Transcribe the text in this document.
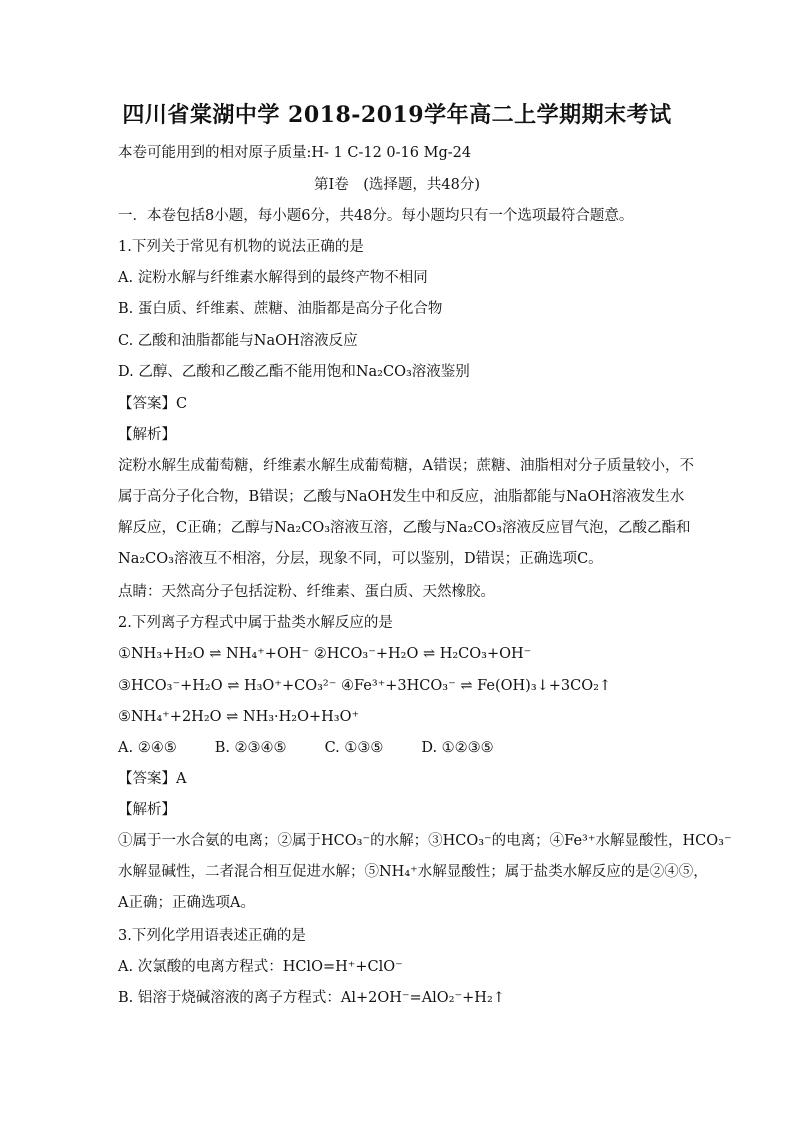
四川省棠湖中学 2018-2019学年高二上学期期末考试
本卷可能用到的相对原子质量:H- 1 C-12 0-16 Mg-24
第Ⅰ卷　(选择题，共48分)
一．本卷包括8小题，每小题6分，共48分。每小题均只有一个选项最符合题意。
1.下列关于常见有机物的说法正确的是
A. 淀粉水解与纤维素水解得到的最终产物不相同
B. 蛋白质、纤维素、蔗糖、油脂都是高分子化合物
C. 乙酸和油脂都能与NaOH溶液反应
D. 乙醇、乙酸和乙酸乙酯不能用饱和Na₂CO₃溶液鉴别
【答案】C
【解析】
淀粉水解生成葡萄糖，纤维素水解生成葡萄糖，A错误；蔗糖、油脂相对分子质量较小，不
属于高分子化合物，B错误；乙酸与NaOH发生中和反应，油脂都能与NaOH溶液发生水
解反应，C正确；乙醇与Na₂CO₃溶液互溶，乙酸与Na₂CO₃溶液反应冒气泡，乙酸乙酯和
Na₂CO₃溶液互不相溶，分层，现象不同，可以鉴别，D错误；正确选项C。
点睛：天然高分子包括淀粉、纤维素、蛋白质、天然橡胶。
2.下列离子方程式中属于盐类水解反应的是
①NH₃+H₂O ⇌ NH₄⁺+OH⁻ ②HCO₃⁻+H₂O ⇌ H₂CO₃+OH⁻
③HCO₃⁻+H₂O ⇌ H₃O⁺+CO₃²⁻ ④Fe³⁺+3HCO₃⁻ ⇌ Fe(OH)₃↓+3CO₂↑
⑤NH₄⁺+2H₂O ⇌ NH₃·H₂O+H₃O⁺
A. ②④⑤	B. ②③④⑤	C. ①③⑤	D. ①②③⑤
【答案】A
【解析】
①属于一水合氨的电离；②属于HCO₃⁻的水解；③HCO₃⁻的电离；④Fe³⁺水解显酸性，HCO₃⁻
水解显碱性，二者混合相互促进水解；⑤NH₄⁺水解显酸性；属于盐类水解反应的是②④⑤，
A正确；正确选项A。
3.下列化学用语表述正确的是
A. 次氯酸的电离方程式：HClO=H⁺+ClO⁻
B. 铝溶于烧碱溶液的离子方程式：Al+2OH⁻=AlO₂⁻+H₂↑
